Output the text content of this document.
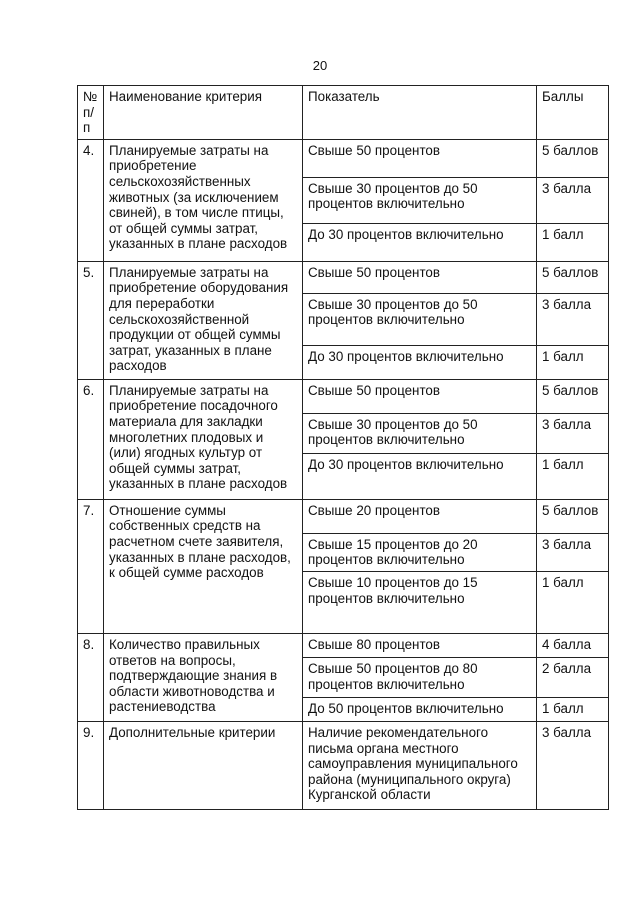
20
№ п/п	Наименование критерия	Показатель	Баллы
4.	Планируемые затраты на приобретение сельскохозяйственных животных (за исключением свиней), в том числе птицы, от общей суммы затрат, указанных в плане расходов	Свыше 50 процентов	5 баллов
		Свыше 30 процентов до 50 процентов включительно	3 балла
		До 30 процентов включительно	1 балл
5.	Планируемые затраты на приобретение оборудования для переработки сельскохозяйственной продукции от общей суммы затрат, указанных в плане расходов	Свыше 50 процентов	5 баллов
		Свыше 30 процентов до 50 процентов включительно	3 балла
		До 30 процентов включительно	1 балл
6.	Планируемые затраты на приобретение посадочного материала для закладки многолетних плодовых и (или) ягодных культур от общей суммы затрат, указанных в плане расходов	Свыше 50 процентов	5 баллов
		Свыше 30 процентов до 50 процентов включительно	3 балла
		До 30 процентов включительно	1 балл
7.	Отношение суммы собственных средств на расчетном счете заявителя, указанных в плане расходов, к общей сумме расходов	Свыше 20 процентов	5 баллов
		Свыше 15 процентов до 20 процентов включительно	3 балла
		Свыше 10 процентов до 15 процентов включительно	1 балл
8.	Количество правильных ответов на вопросы, подтверждающие знания в области животноводства и растениеводства	Свыше 80 процентов	4 балла
		Свыше 50 процентов до 80 процентов включительно	2 балла
		До 50 процентов включительно	1 балл
9.	Дополнительные критерии	Наличие рекомендательного письма органа местного самоуправления муниципального района (муниципального округа) Курганской области	3 балла
